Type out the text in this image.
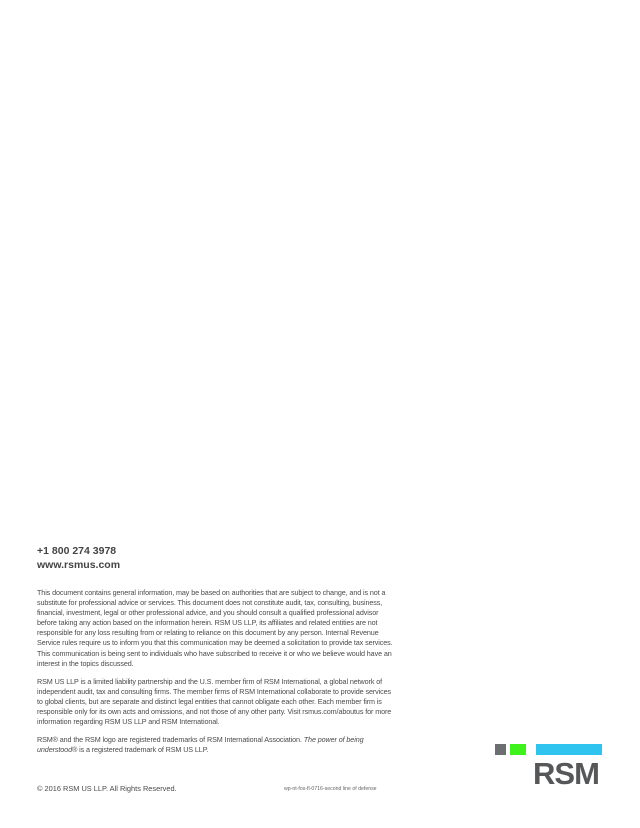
+1 800 274 3978
www.rsmus.com

This document contains general information, may be based on authorities that are subject to change, and is not a substitute for professional advice or services. This document does not constitute audit, tax, consulting, business, financial, investment, legal or other professional advice, and you should consult a qualified professional advisor before taking any action based on the information herein. RSM US LLP, its affiliates and related entities are not responsible for any loss resulting from or relating to reliance on this document by any person. Internal Revenue Service rules require us to inform you that this communication may be deemed a solicitation to provide tax services. This communication is being sent to individuals who have subscribed to receive it or who we believe would have an interest in the topics discussed.

RSM US LLP is a limited liability partnership and the U.S. member firm of RSM International, a global network of independent audit, tax and consulting firms. The member firms of RSM International collaborate to provide services to global clients, but are separate and distinct legal entities that cannot obligate each other. Each member firm is responsible only for its own acts and omissions, and not those of any other party. Visit rsmus.com/aboutus for more information regarding RSM US LLP and RSM International.

RSM® and the RSM logo are registered trademarks of RSM International Association. The power of being understood® is a registered trademark of RSM US LLP.

© 2016 RSM US LLP. All Rights Reserved.	wp-nt-fos-fl-0716-second line of defense	RSM
